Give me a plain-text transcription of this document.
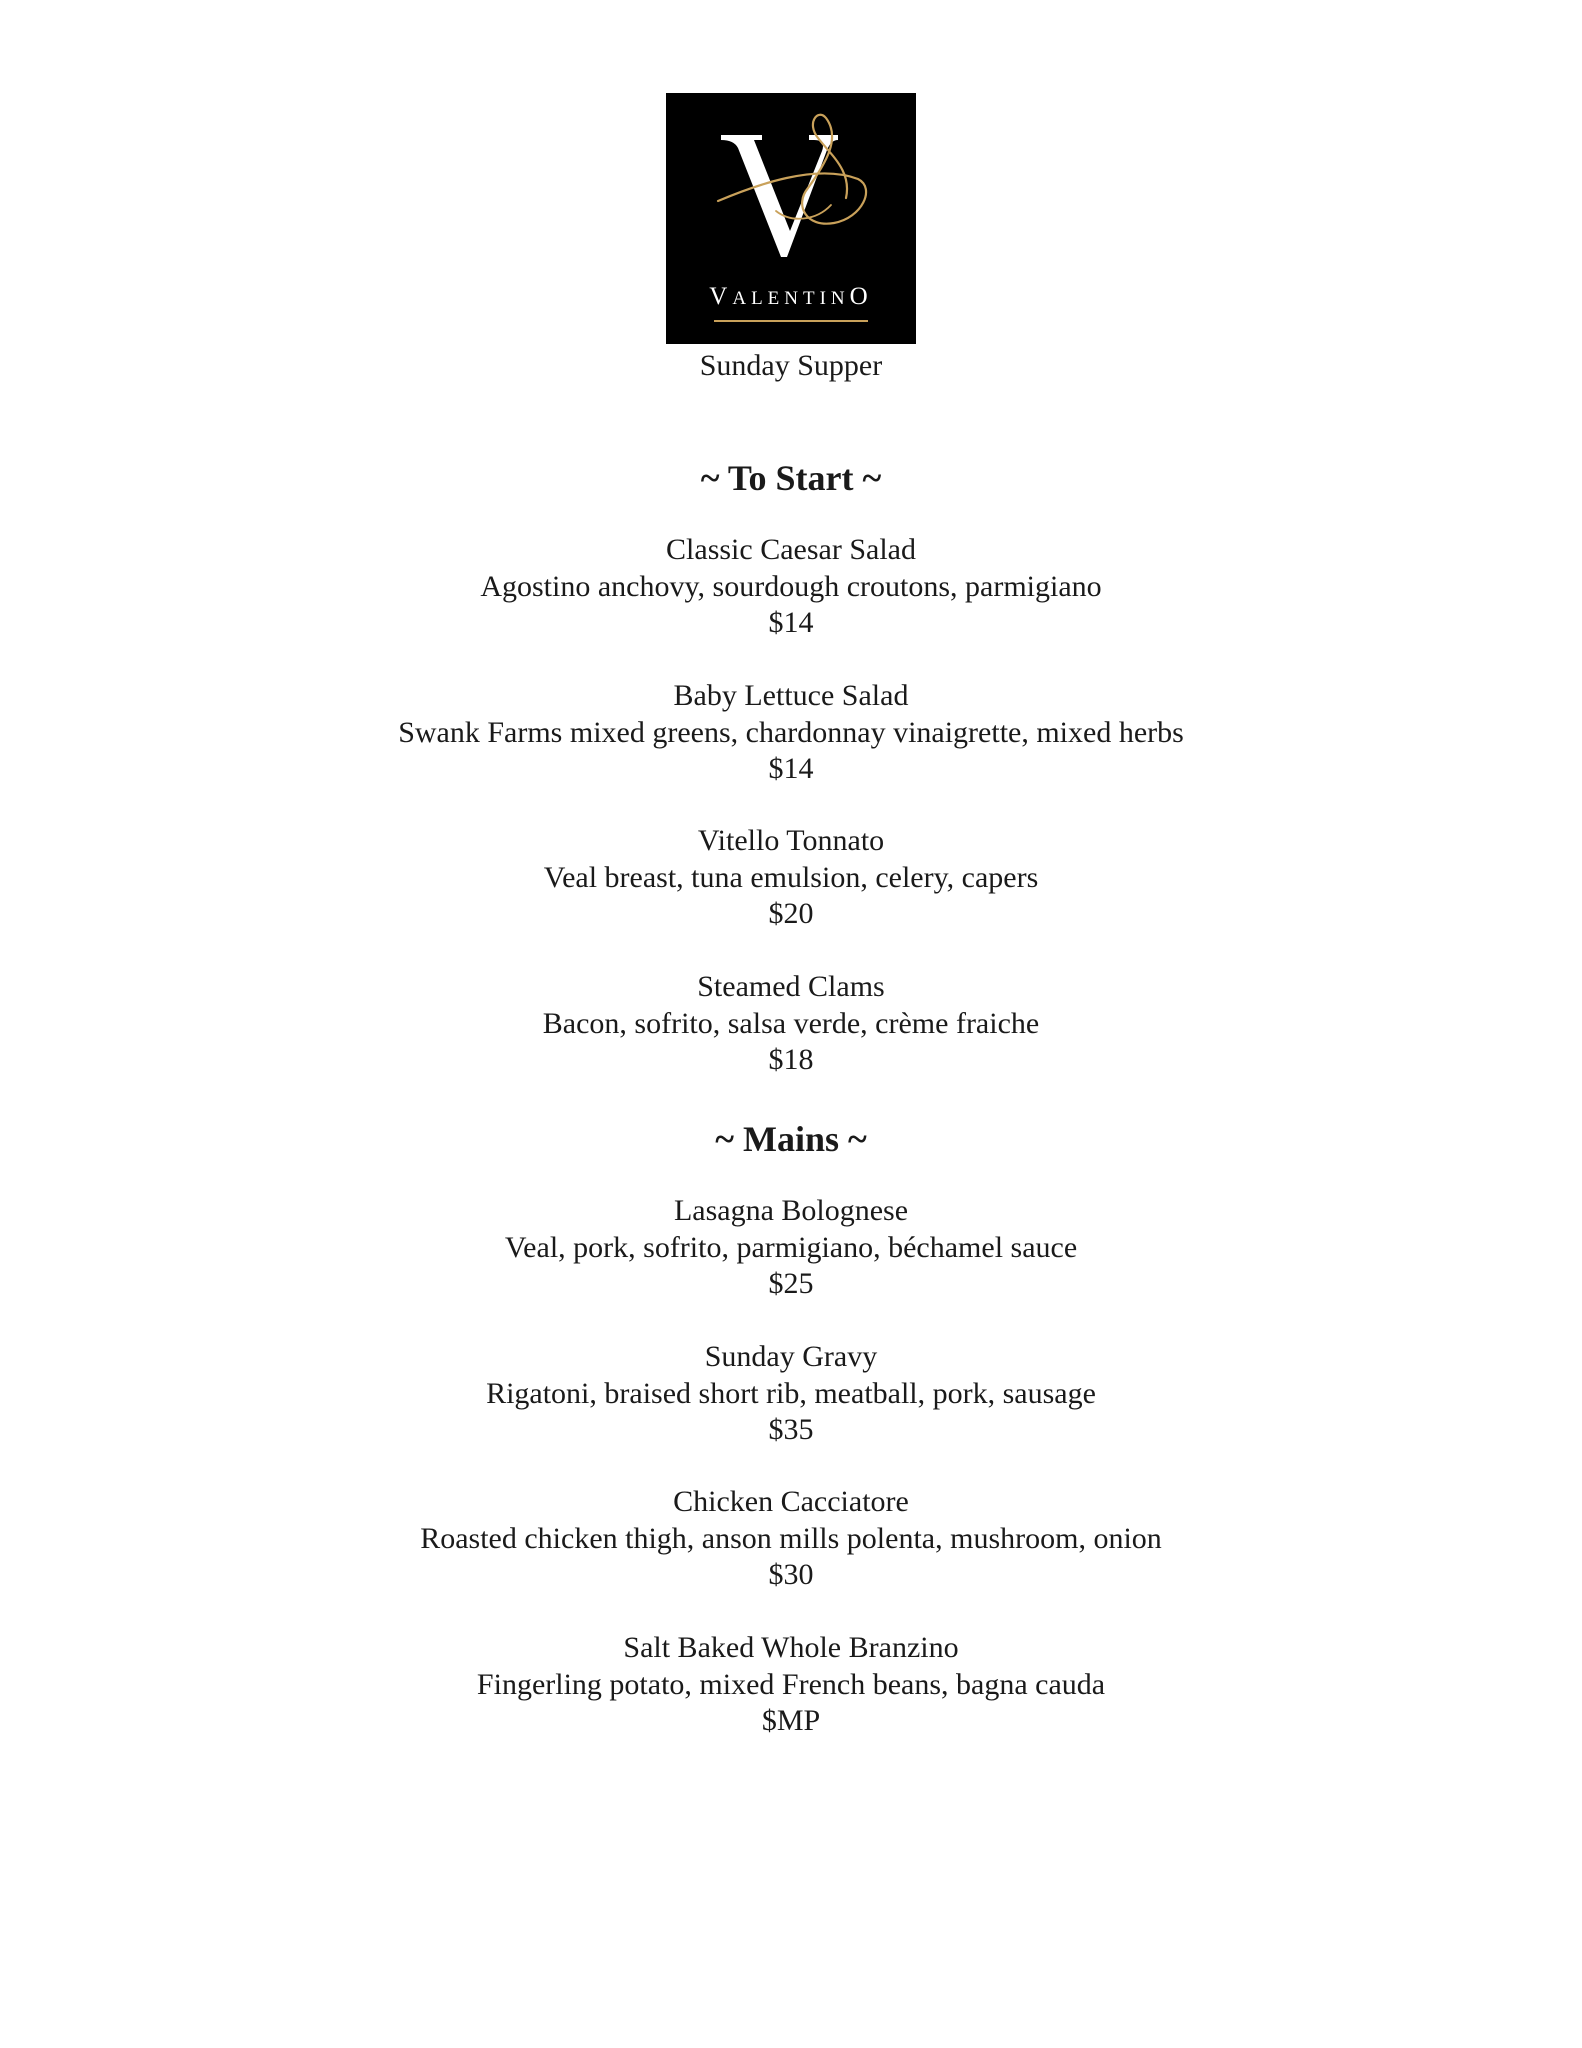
VALENTINO
Sunday Supper
~ To Start ~
Classic Caesar Salad
Agostino anchovy, sourdough croutons, parmigiano
$14
Baby Lettuce Salad
Swank Farms mixed greens, chardonnay vinaigrette, mixed herbs
$14
Vitello Tonnato
Veal breast, tuna emulsion, celery, capers
$20
Steamed Clams
Bacon, sofrito, salsa verde, crème fraiche
$18
~ Mains ~
Lasagna Bolognese
Veal, pork, sofrito, parmigiano, béchamel sauce
$25
Sunday Gravy
Rigatoni, braised short rib, meatball, pork, sausage
$35
Chicken Cacciatore
Roasted chicken thigh, anson mills polenta, mushroom, onion
$30
Salt Baked Whole Branzino
Fingerling potato, mixed French beans, bagna cauda
$MP
